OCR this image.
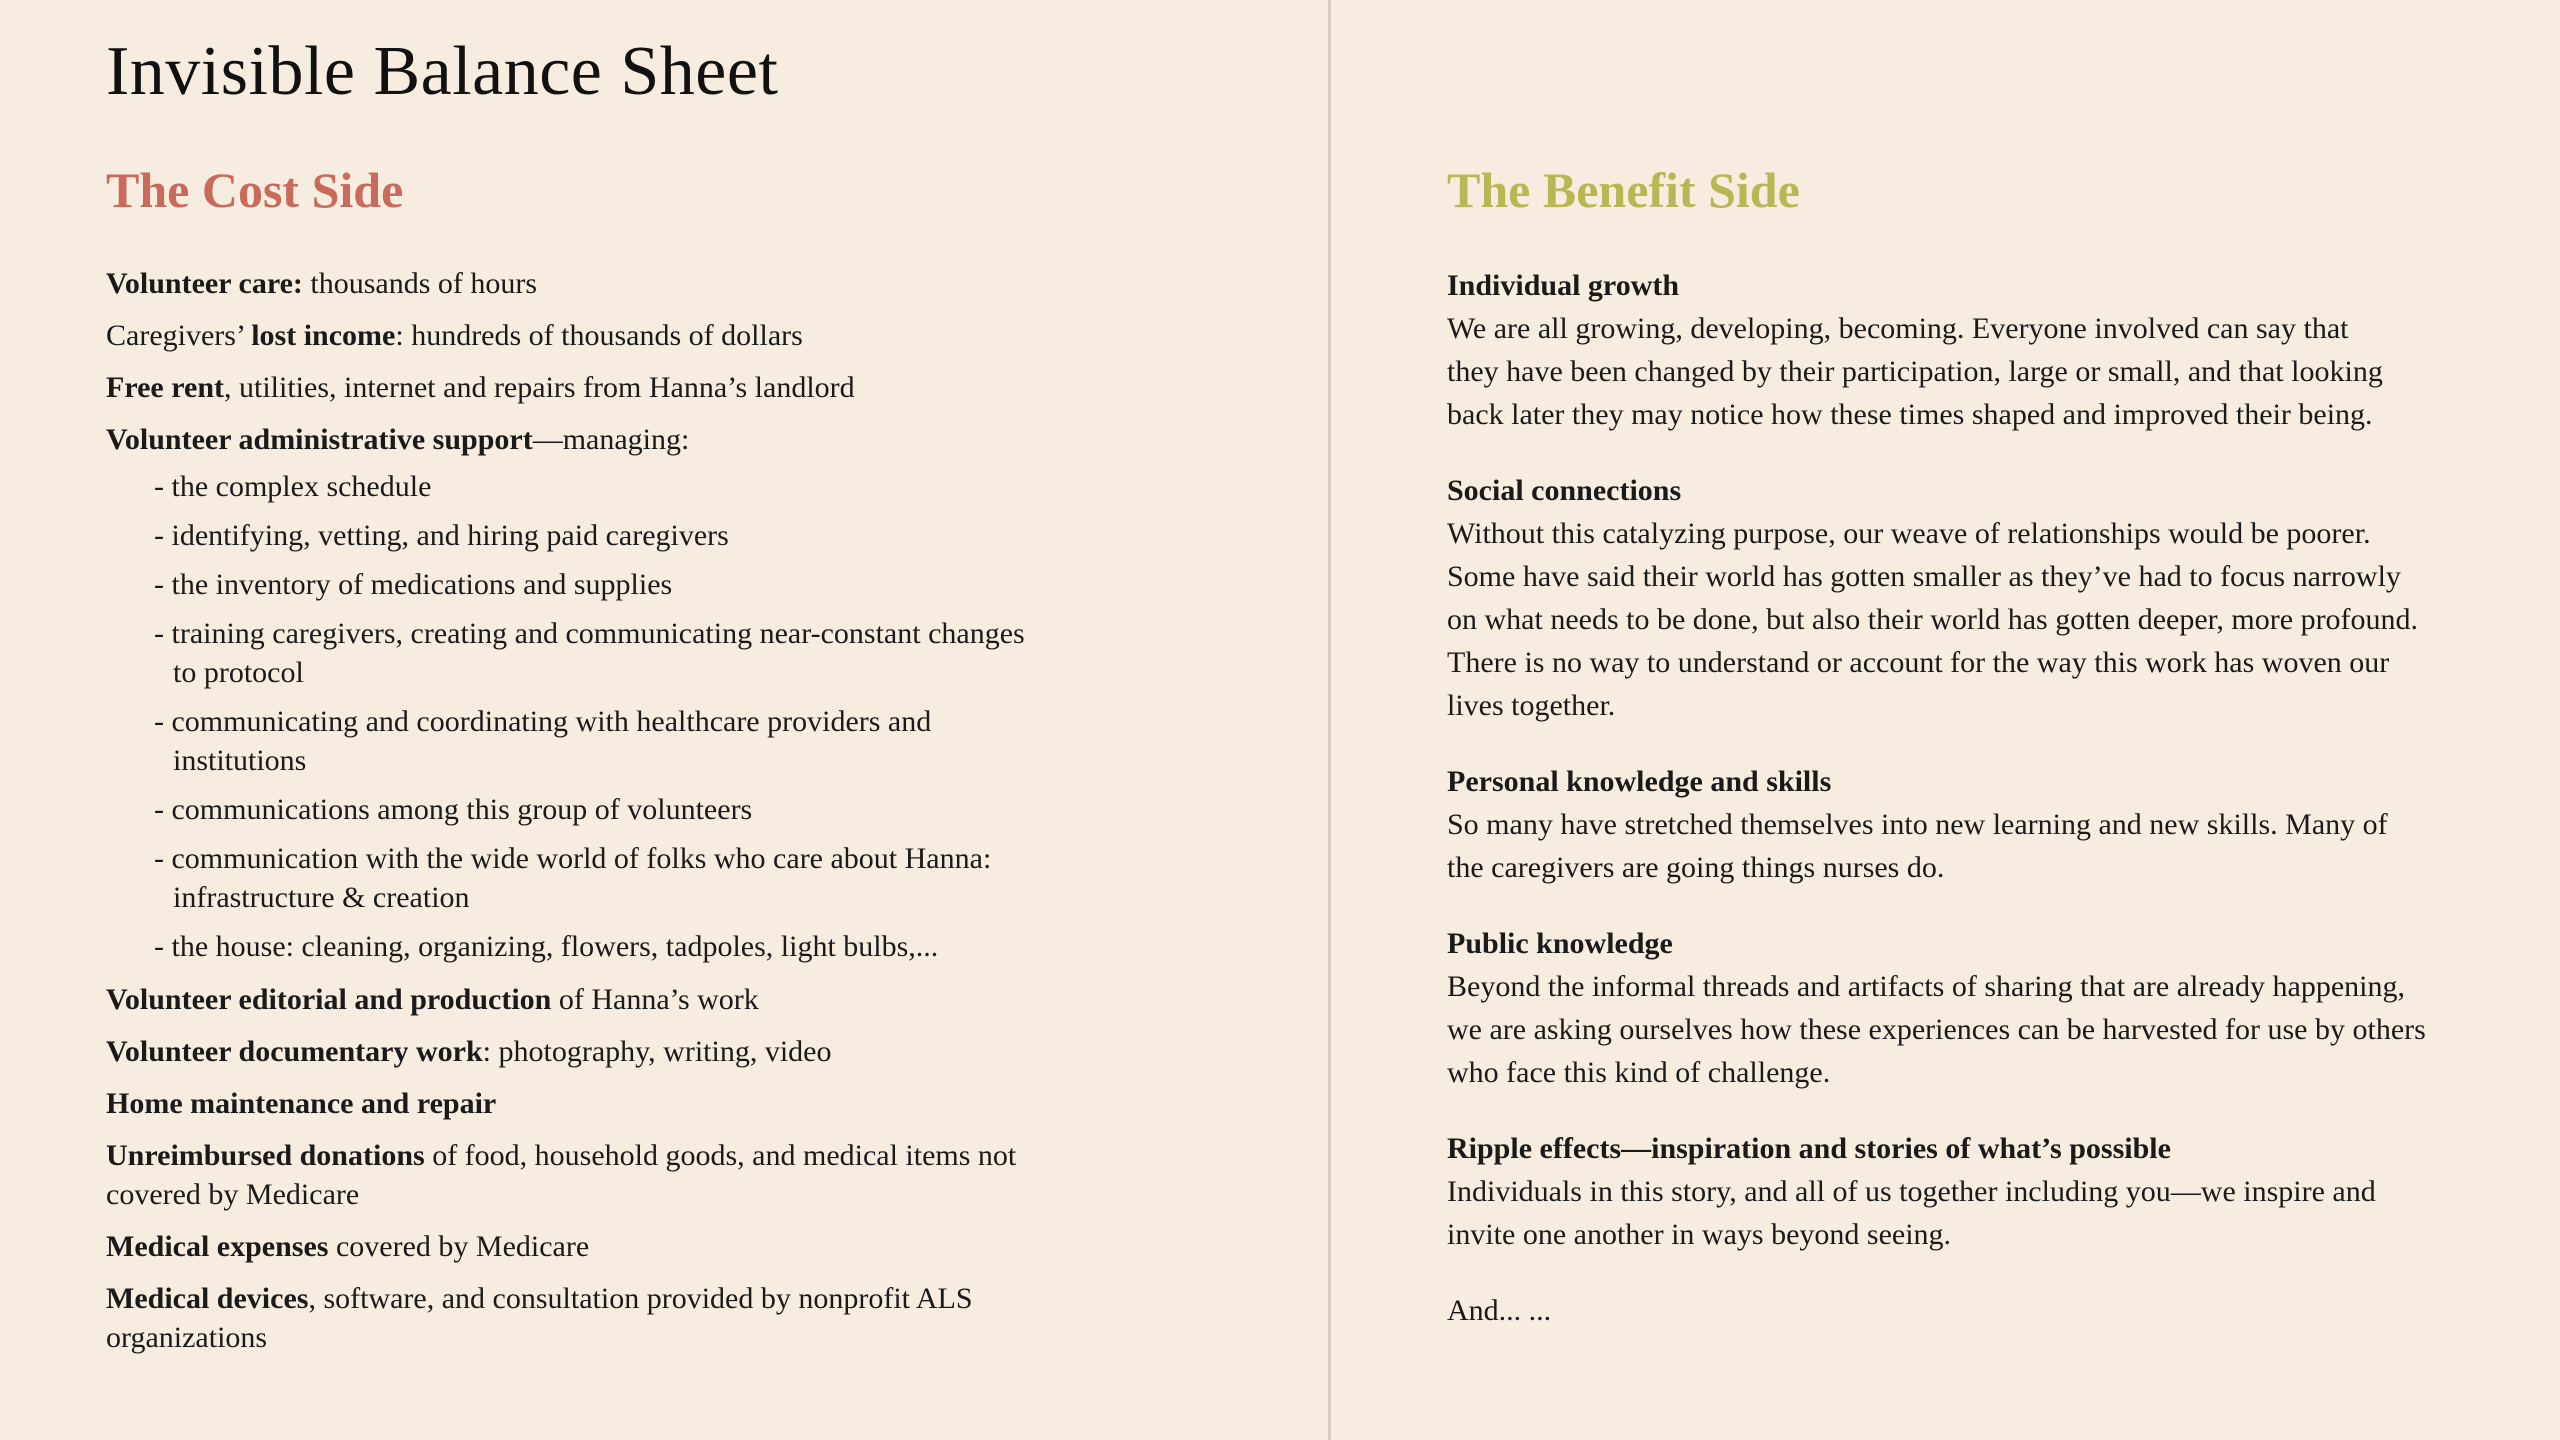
Invisible Balance Sheet
The Cost Side
Volunteer care: thousands of hours
Caregivers’ lost income: hundreds of thousands of dollars
Free rent, utilities, internet and repairs from Hanna’s landlord
Volunteer administrative support—managing:
- the complex schedule
- identifying, vetting, and hiring paid caregivers
- the inventory of medications and supplies
- training caregivers, creating and communicating near-constant changes to protocol
- communicating and coordinating with healthcare providers and institutions
- communications among this group of volunteers
- communication with the wide world of folks who care about Hanna: infrastructure & creation
- the house: cleaning, organizing, flowers, tadpoles, light bulbs,...
Volunteer editorial and production of Hanna’s work
Volunteer documentary work: photography, writing, video
Home maintenance and repair
Unreimbursed donations of food, household goods, and medical items not covered by Medicare
Medical expenses covered by Medicare
Medical devices, software, and consultation provided by nonprofit ALS organizations
The Benefit Side
Individual growth
We are all growing, developing, becoming. Everyone involved can say that they have been changed by their participation, large or small, and that looking back later they may notice how these times shaped and improved their being.
Social connections
Without this catalyzing purpose, our weave of relationships would be poorer. Some have said their world has gotten smaller as they’ve had to focus narrowly on what needs to be done, but also their world has gotten deeper, more profound. There is no way to understand or account for the way this work has woven our lives together.
Personal knowledge and skills
So many have stretched themselves into new learning and new skills. Many of the caregivers are going things nurses do.
Public knowledge
Beyond the informal threads and artifacts of sharing that are already happening, we are asking ourselves how these experiences can be harvested for use by others who face this kind of challenge.
Ripple effects—inspiration and stories of what’s possible
Individuals in this story, and all of us together including you—we inspire and invite one another in ways beyond seeing.
And... ...
